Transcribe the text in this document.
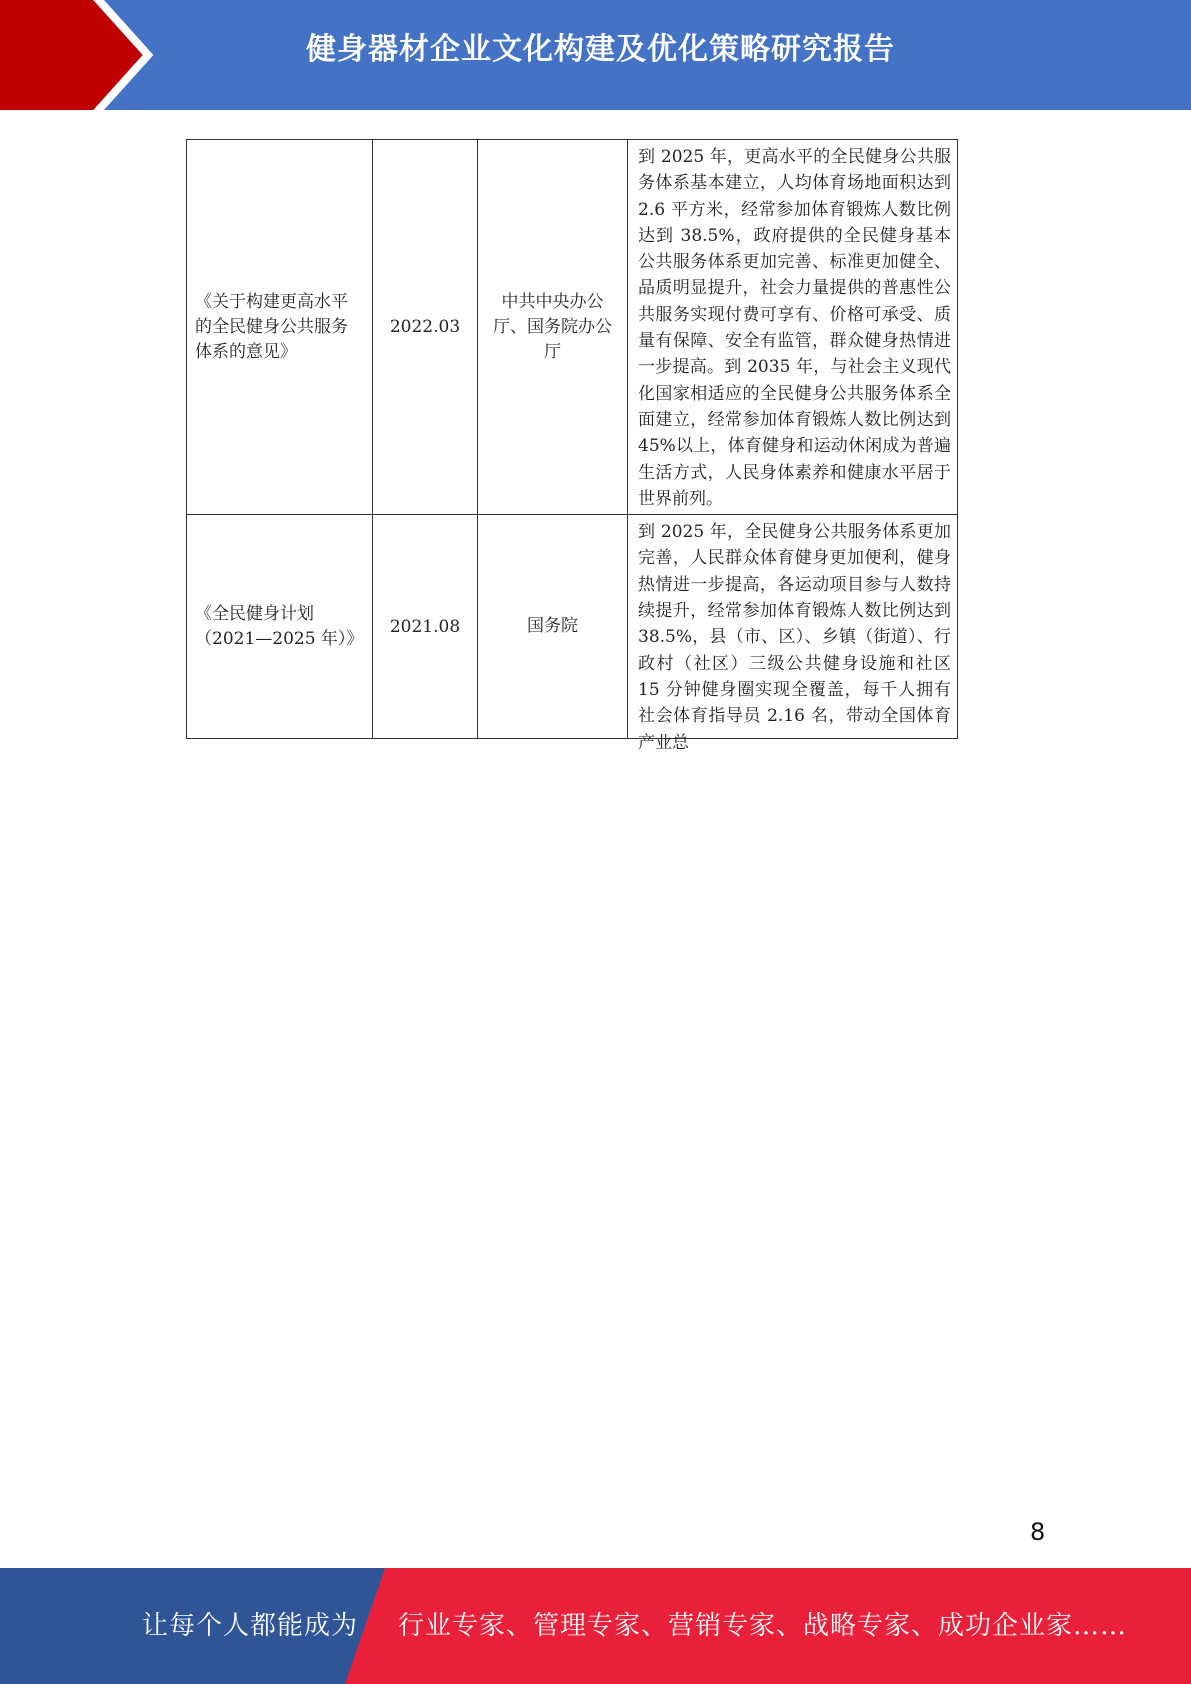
健身器材企业文化构建及优化策略研究报告
《关于构建更高水平的全民健身公共服务体系的意见》	2022.03	中共中央办公厅、国务院办公厅	到 2025 年，更高水平的全民健身公共服务体系基本建立，人均体育场地面积达到 2.6 平方米，经常参加体育锻炼人数比例达到 38.5%，政府提供的全民健身基本公共服务体系更加完善、标准更加健全、品质明显提升，社会力量提供的普惠性公共服务实现付费可享有、价格可承受、质量有保障、安全有监管，群众健身热情进一步提高。到 2035 年，与社会主义现代化国家相适应的全民健身公共服务体系全面建立，经常参加体育锻炼人数比例达到 45%以上，体育健身和运动休闲成为普遍生活方式，人民身体素养和健康水平居于世界前列。

《全民健身计划（2021—2025 年）》	2021.08	国务院	到 2025 年，全民健身公共服务体系更加完善，人民群众体育健身更加便利，健身热情进一步提高，各运动项目参与人数持续提升，经常参加体育锻炼人数比例达到 38.5%，县（市、区）、乡镇（街道）、行政村（社区）三级公共健身设施和社区 15 分钟健身圈实现全覆盖，每千人拥有社会体育指导员 2.16 名，带动全国体育产业总
8
让每个人都能成为 行业专家、管理专家、营销专家、战略专家、成功企业家……
